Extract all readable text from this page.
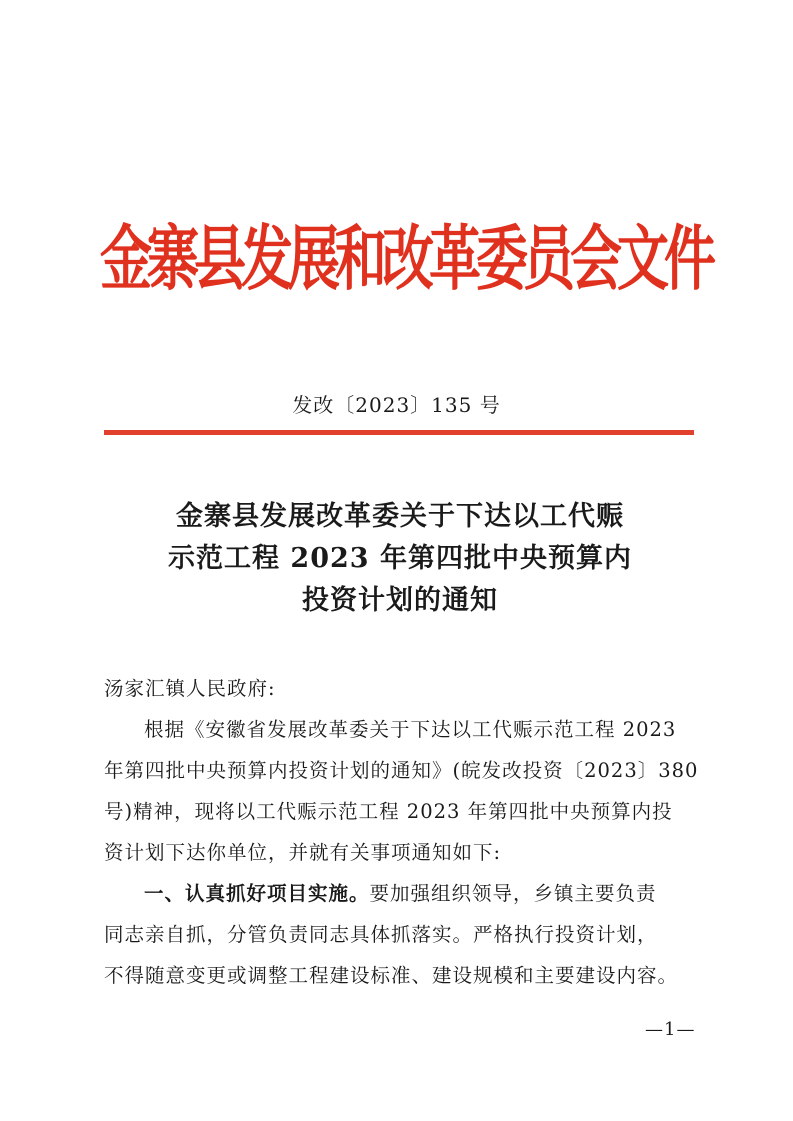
金寨县发展和改革委员会文件
发改〔2023〕135 号
金寨县发展改革委关于下达以工代赈
示范工程 2023 年第四批中央预算内
投资计划的通知

汤家汇镇人民政府:

根据《安徽省发展改革委关于下达以工代赈示范工程 2023
年第四批中央预算内投资计划的通知》(皖发改投资〔2023〕380
号)精神，现将以工代赈示范工程 2023 年第四批中央预算内投
资计划下达你单位，并就有关事项通知如下:

一、认真抓好项目实施。要加强组织领导，乡镇主要负责
同志亲自抓，分管负责同志具体抓落实。严格执行投资计划，
不得随意变更或调整工程建设标准、建设规模和主要建设内容。

—1—
